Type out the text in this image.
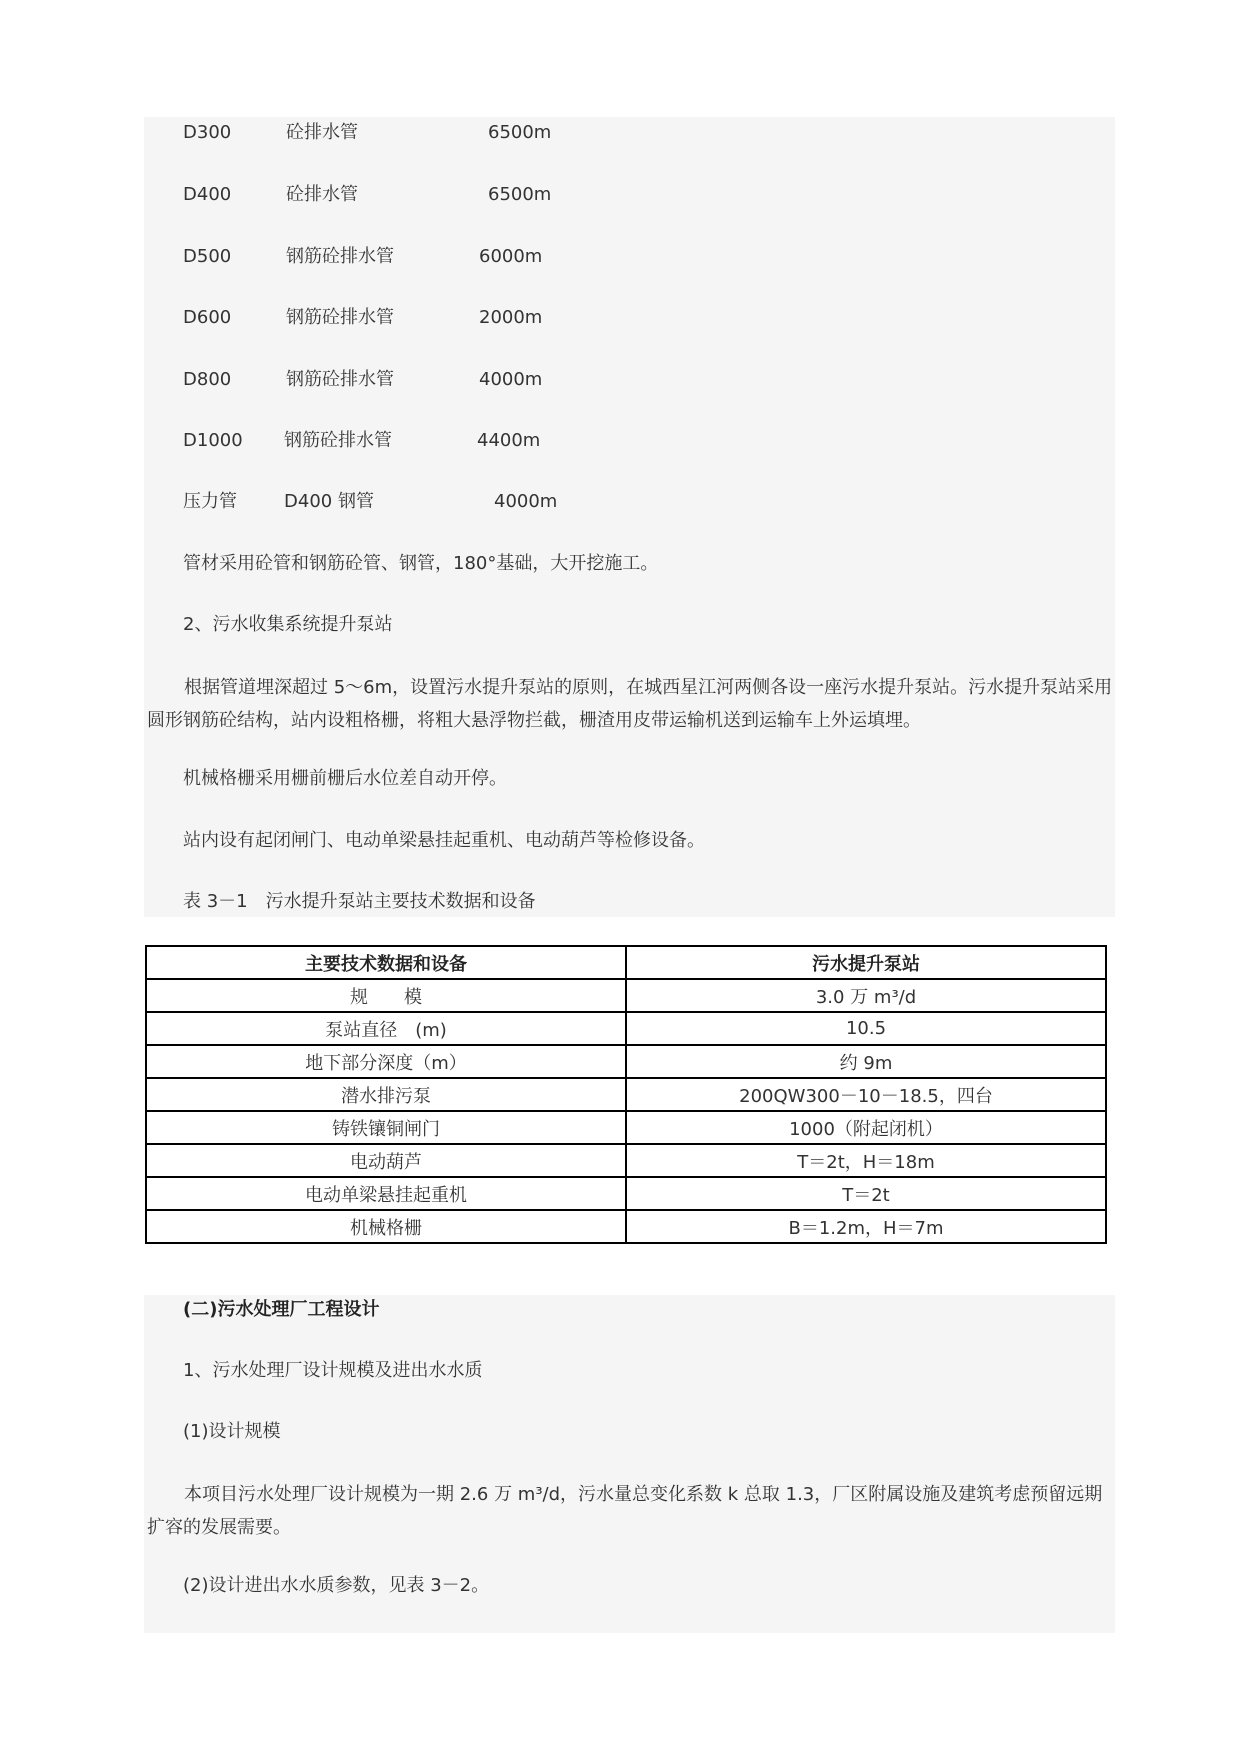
D300	砼排水管	6500m
D400	砼排水管	6500m
D500	钢筋砼排水管	6000m
D600	钢筋砼排水管	2000m
D800	钢筋砼排水管	4000m
D1000 钢筋砼排水管	4400m
压力管	D400 钢管	4000m
管材采用砼管和钢筋砼管、钢管，180°基础，大开挖施工。
2、污水收集系统提升泵站
根据管道埋深超过 5～6m，设置污水提升泵站的原则，在城西星江河两侧各设一座污水提升泵站。污水提升泵站采用圆形钢筋砼结构，站内设粗格栅，将粗大悬浮物拦截，栅渣用皮带运输机送到运输车上外运填埋。
机械格栅采用栅前栅后水位差自动开停。
站内设有起闭闸门、电动单梁悬挂起重机、电动葫芦等检修设备。
表 3－1　污水提升泵站主要技术数据和设备
主要技术数据和设备	污水提升泵站
规　　模	3.0 万 m³/d
泵站直径　(m)	10.5
地下部分深度（m）	约 9m
潜水排污泵	200QW300－10－18.5，四台
铸铁镶铜闸门	1000（附起闭机）
电动葫芦	T＝2t，H＝18m
电动单梁悬挂起重机	T＝2t
机械格栅	B＝1.2m，H＝7m
(二)污水处理厂工程设计
1、污水处理厂设计规模及进出水水质
(1)设计规模
本项目污水处理厂设计规模为一期 2.6 万 m³/d，污水量总变化系数 k 总取 1.3，厂区附属设施及建筑考虑预留远期扩容的发展需要。
(2)设计进出水水质参数，见表 3－2。
